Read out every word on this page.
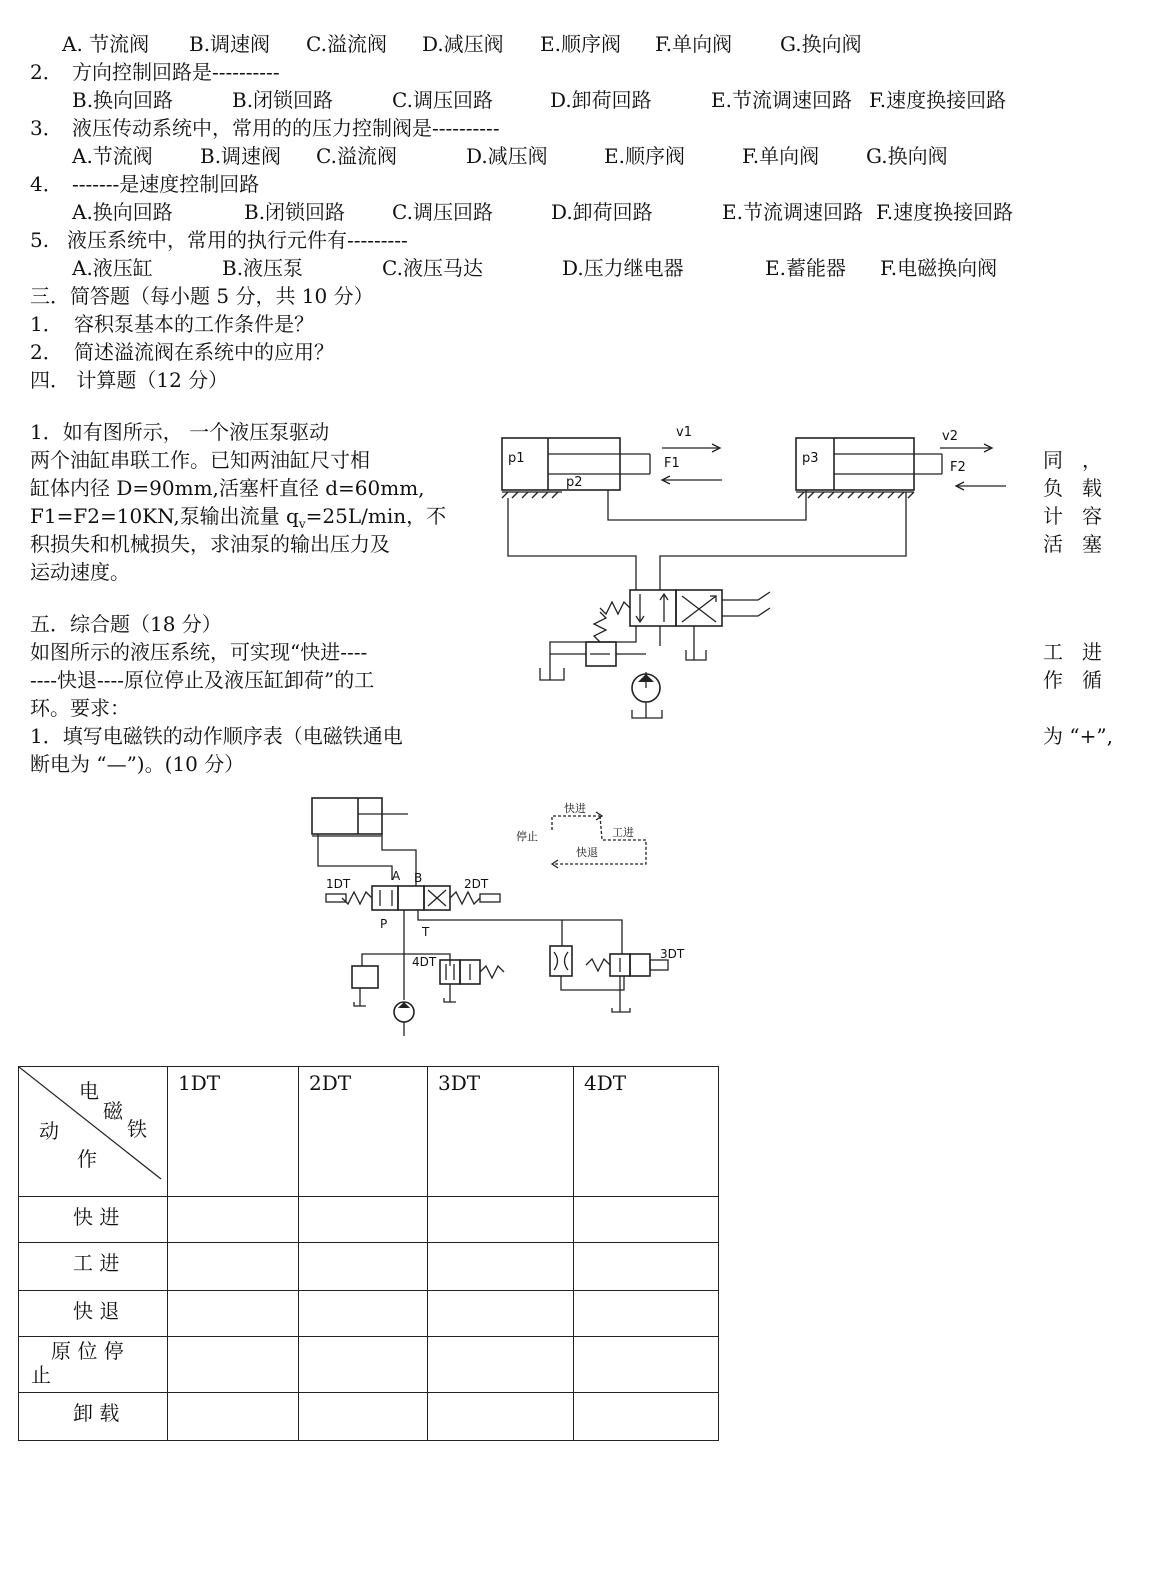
A. 节流阀 B.调速阀 C.溢流阀 D.减压阀 E.顺序阀 F.单向阀 G.换向阀
2． 方向控制回路是----------
B.换向回路	B.闭锁回路	C.调压回路	D.卸荷回路	E.节流调速回路 F.速度换接回路
3． 液压传动系统中，常用的的压力控制阀是----------
A.节流阀 B.调速阀 C.溢流阀	D.减压阀	E.顺序阀	F.单向阀 G.换向阀
4． -------是速度控制回路
A.换向回路	B.闭锁回路 C.调压回路	D.卸荷回路	E.节流调速回路 F.速度换接回路
5. 液压系统中，常用的执行元件有---------
A.液压缸	B.液压泵	C.液压马达	D.压力继电器	E.蓄能器 F.电磁换向阀
三．简答题（每小题 5 分，共 10 分）
1． 容积泵基本的工作条件是？
2． 简述溢流阀在系统中的应用？
四． 计算题（12 分）
1．如有图所示， 一个液压泵驱动
两个油缸串联工作。已知两油缸尺寸相
缸体内径 D=90mm,活塞杆直径 d=60mm,
F1=F2=10KN,泵输出流量 $q_v=25L/\min$，不
积损失和机械损失，求油泵的输出压力及
运动速度。
同 ，
负 载
计 容
活 塞
五．综合题（18 分）
如图所示的液压系统，可实现“快进----
----快退----原位停止及液压缸卸荷”的工
环。要求：
1．填写电磁铁的动作顺序表（电磁铁通电
断电为 “—”)。(10 分）
工 进
作 循
为 “+”,
p1
p2
v1
F1	p3
v2
F2
停止
快进
工进
快退
A B
P
T
1DT	2DT
4DT
3DT
电
磁
铁
动
作	1DT	2DT	3DT	4DT
快 进				
工 进				
快 退				
原 位 停
止				
卸 载				
